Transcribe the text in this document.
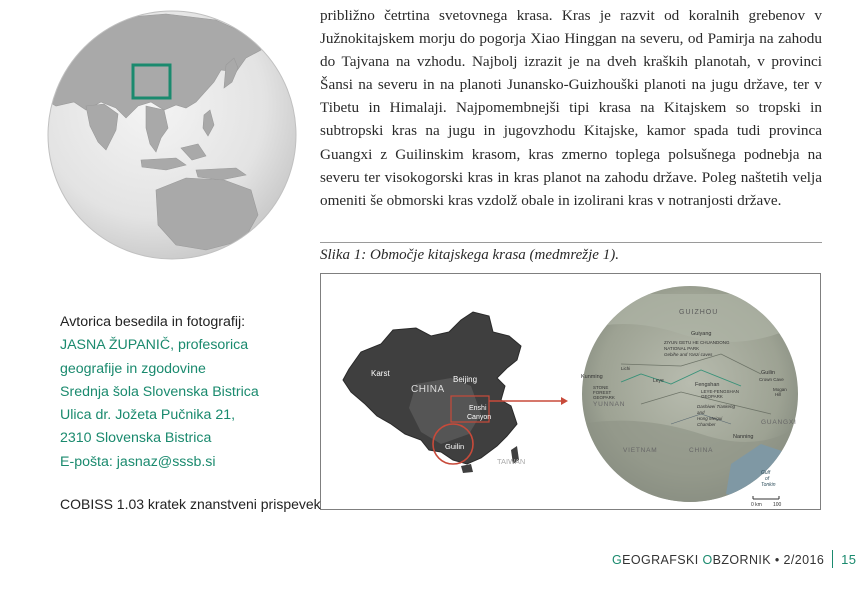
približno četrtina svetovnega krasa. Kras je razvit od koralnih grebenov v Južnokitajskem morju do pogorja Xiao Hinggan na severu, od Pamirja na zahodu do Tajvana na vzhodu. Najbolj izrazit je na dveh kraških planotah, v provinci Šansi na severu in na planoti Junansko-Guizhouški planoti na jugu države, ter v Tibetu in Himalaji. Najpomembnejši tipi krasa na Kitajskem so tropski in subtropski kras na jugu in jugovzhodu Kitajske, kamor spada tudi provinca Guangxi z Guilinskim krasom, kras zmerno toplega polsušnega podnebja na severu ter visokogorski kras in kras planot na zahodu države. Poleg naštetih velja omeniti še obmorski kras vzdolž obale in izolirani kras v notranjosti države.

Slika 1: Območje kitajskega krasa (medmrežje 1).

Karst
CHINA
Beijing
Enshi
Canyon
Guilin
TAIWAN
GUIZHOU
Guiyang
ZIYUN GETU HE CHUANDONG
NATIONAL PARK
Gebihe and Yanzi caves
Kunming
Lichi
YUNNAN
STONE
FOREST
GEOPARK
Leye
Fengshan
LEYE-FENGSHAN
GEOPARK
Guilin
Crown Cave
Mogan
Hill
Dashiwei Tiankeng
and
Hong Meigui
Chamber
Nanning
GUANGXI
VIETNAM	CHINA
Gulf
of
Tonkin
0 km 100
Avtorica besedila in fotografij:
JASNA ŽUPANIČ, profesorica
geografije in zgodovine
Srednja šola Slovenska Bistrica
Ulica dr. Jožeta Pučnika 21,
2310 Slovenska Bistrica
E-pošta: jasnaz@sssb.si
COBISS 1.03 kratek znanstveni prispevek
GEOGRAFSKI OBZORNIK • 2/2016 15
